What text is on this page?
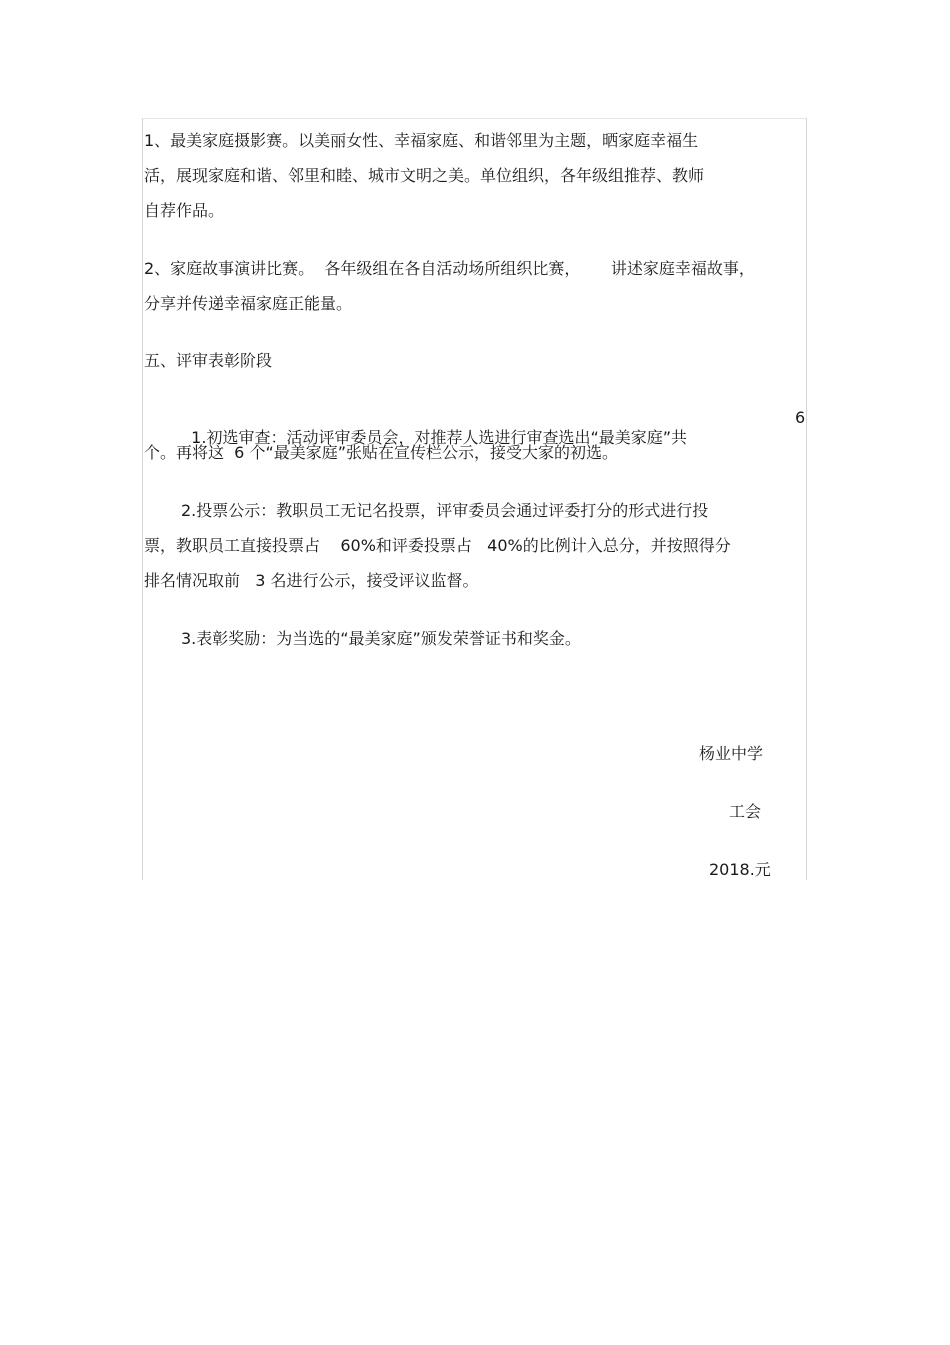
1、最美家庭摄影赛。以美丽女性、幸福家庭、和谐邻里为主题，晒家庭幸福生

活，展现家庭和谐、邻里和睦、城市文明之美。单位组织，各年级组推荐、教师

自荐作品。

2、家庭故事演讲比赛。  各年级组在各自活动场所组织比赛，      讲述家庭幸福故事，

分享并传递幸福家庭正能量。

五、评审表彰阶段

1.初选审查：活动评审委员会，对推荐人选进行审查选出“最美家庭”共

6

个。再将这  6 个“最美家庭”张贴在宣传栏公示，接受大家的初选。

2.投票公示：教职员工无记名投票，评审委员会通过评委打分的形式进行投

票，教职员工直接投票占    60%和评委投票占   40%的比例计入总分，并按照得分

排名情况取前   3 名进行公示，接受评议监督。

3.表彰奖励：为当选的“最美家庭”颁发荣誉证书和奖金。

杨业中学

工会

2018.元
